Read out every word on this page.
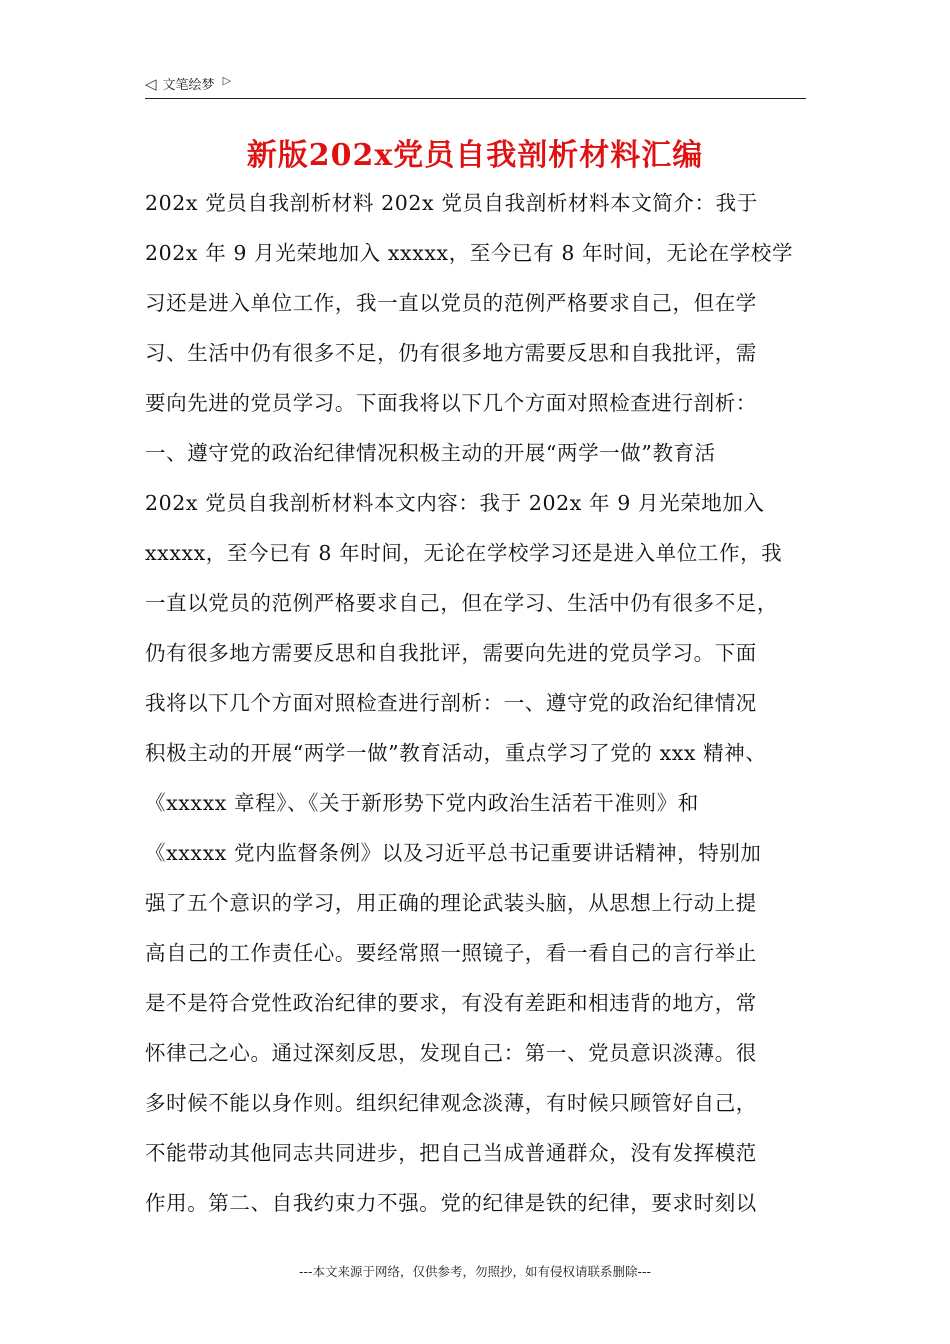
◁ 文笔绘梦 ▷
新版202x党员自我剖析材料汇编
202x 党员自我剖析材料 202x 党员自我剖析材料本文简介：我于
202x 年 9 月光荣地加入 xxxxx，至今已有 8 年时间，无论在学校学
习还是进入单位工作，我一直以党员的范例严格要求自己，但在学
习、生活中仍有很多不足，仍有很多地方需要反思和自我批评，需
要向先进的党员学习。下面我将以下几个方面对照检查进行剖析：
一、遵守党的政治纪律情况积极主动的开展“两学一做”教育活
202x 党员自我剖析材料本文内容：我于 202x 年 9 月光荣地加入
xxxxx，至今已有 8 年时间，无论在学校学习还是进入单位工作，我
一直以党员的范例严格要求自己，但在学习、生活中仍有很多不足，
仍有很多地方需要反思和自我批评，需要向先进的党员学习。下面
我将以下几个方面对照检查进行剖析：一、遵守党的政治纪律情况
积极主动的开展“两学一做”教育活动，重点学习了党的 xxx 精神、
《xxxxx 章程》、《关于新形势下党内政治生活若干准则》和
《xxxxx 党内监督条例》以及习近平总书记重要讲话精神，特别加
强了五个意识的学习，用正确的理论武装头脑，从思想上行动上提
高自己的工作责任心。要经常照一照镜子，看一看自己的言行举止
是不是符合党性政治纪律的要求，有没有差距和相违背的地方，常
怀律己之心。通过深刻反思，发现自己：第一、党员意识淡薄。很
多时候不能以身作则。组织纪律观念淡薄，有时候只顾管好自己，
不能带动其他同志共同进步，把自己当成普通群众，没有发挥模范
作用。第二、自我约束力不强。党的纪律是铁的纪律，要求时刻以
---本文来源于网络，仅供参考，勿照抄，如有侵权请联系删除---
